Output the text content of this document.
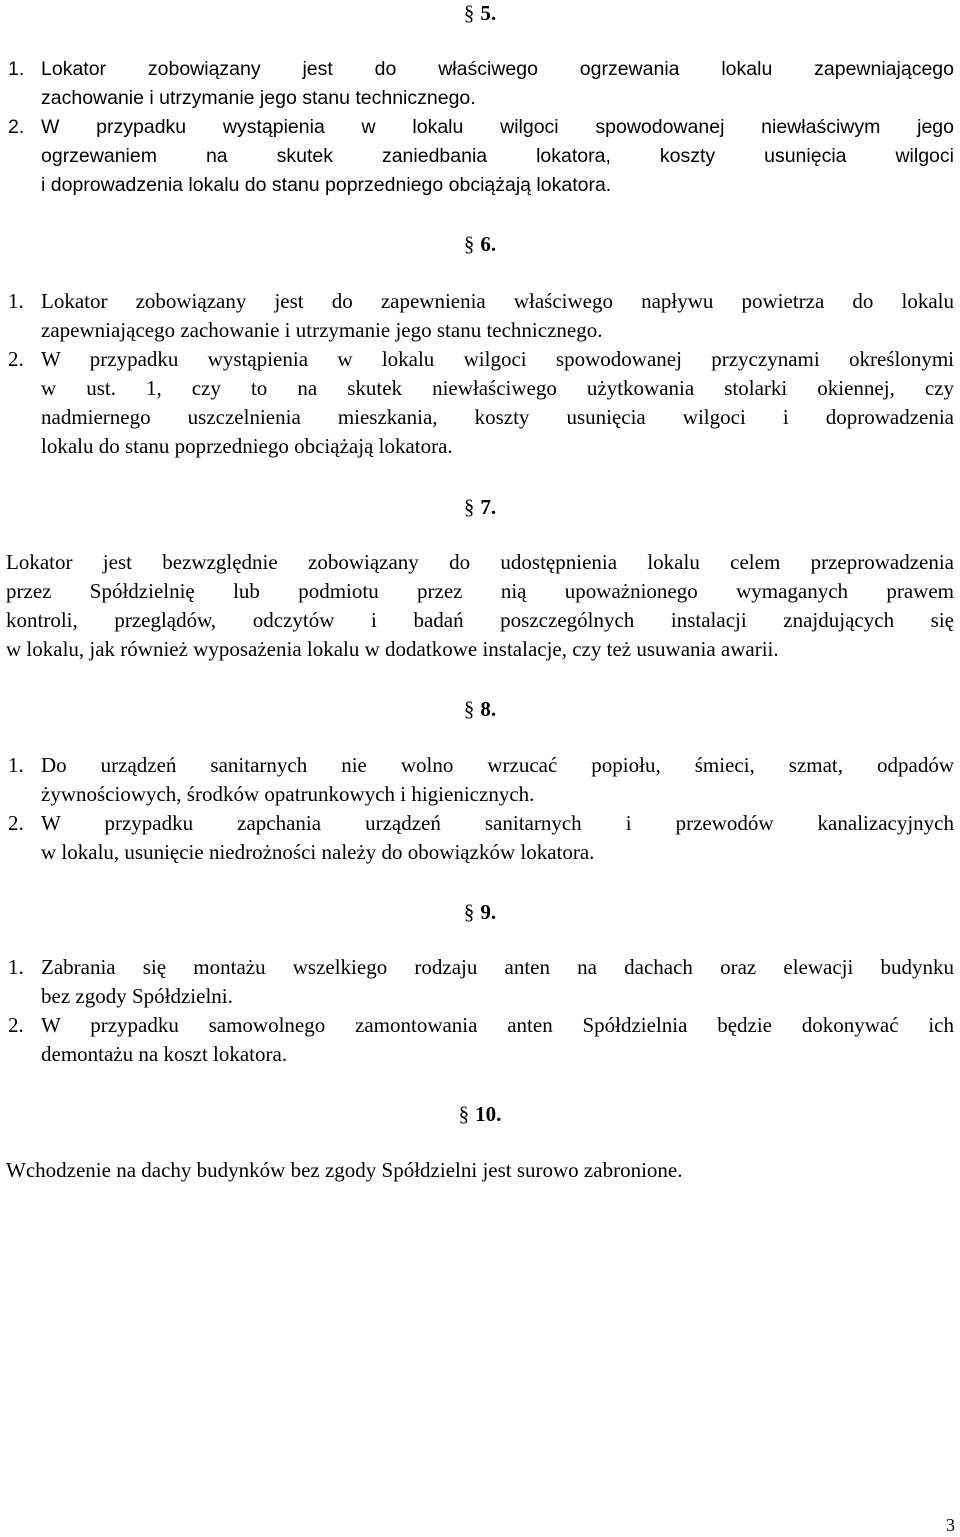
§ 5.
1. Lokator zobowiązany jest do właściwego ogrzewania lokalu zapewniającego
zachowanie i utrzymanie jego stanu technicznego.
2. W przypadku wystąpienia w lokalu wilgoci spowodowanej niewłaściwym jego
ogrzewaniem na skutek zaniedbania lokatora, koszty usunięcia wilgoci
i doprowadzenia lokalu do stanu poprzedniego obciążają lokatora.
§ 6.
1. Lokator zobowiązany jest do zapewnienia właściwego napływu powietrza do lokalu
zapewniającego zachowanie i utrzymanie jego stanu technicznego.
2. W przypadku wystąpienia w lokalu wilgoci spowodowanej przyczynami określonymi
w ust. 1, czy to na skutek niewłaściwego użytkowania stolarki okiennej, czy
nadmiernego uszczelnienia mieszkania, koszty usunięcia wilgoci i doprowadzenia
lokalu do stanu poprzedniego obciążają lokatora.
§ 7.
Lokator jest bezwzględnie zobowiązany do udostępnienia lokalu celem przeprowadzenia
przez Spółdzielnię lub podmiotu przez nią upoważnionego wymaganych prawem
kontroli, przeglądów, odczytów i badań poszczególnych instalacji znajdujących się
w lokalu, jak również wyposażenia lokalu w dodatkowe instalacje, czy też usuwania awarii.
§ 8.
1. Do urządzeń sanitarnych nie wolno wrzucać popiołu, śmieci, szmat, odpadów
żywnościowych, środków opatrunkowych i higienicznych.
2. W przypadku zapchania urządzeń sanitarnych i przewodów kanalizacyjnych
w lokalu, usunięcie niedrożności należy do obowiązków lokatora.
§ 9.
1. Zabrania się montażu wszelkiego rodzaju anten na dachach oraz elewacji budynku
bez zgody Spółdzielni.
2. W przypadku samowolnego zamontowania anten Spółdzielnia będzie dokonywać ich
demontażu na koszt lokatora.
§ 10.
Wchodzenie na dachy budynków bez zgody Spółdzielni jest surowo zabronione.
3
